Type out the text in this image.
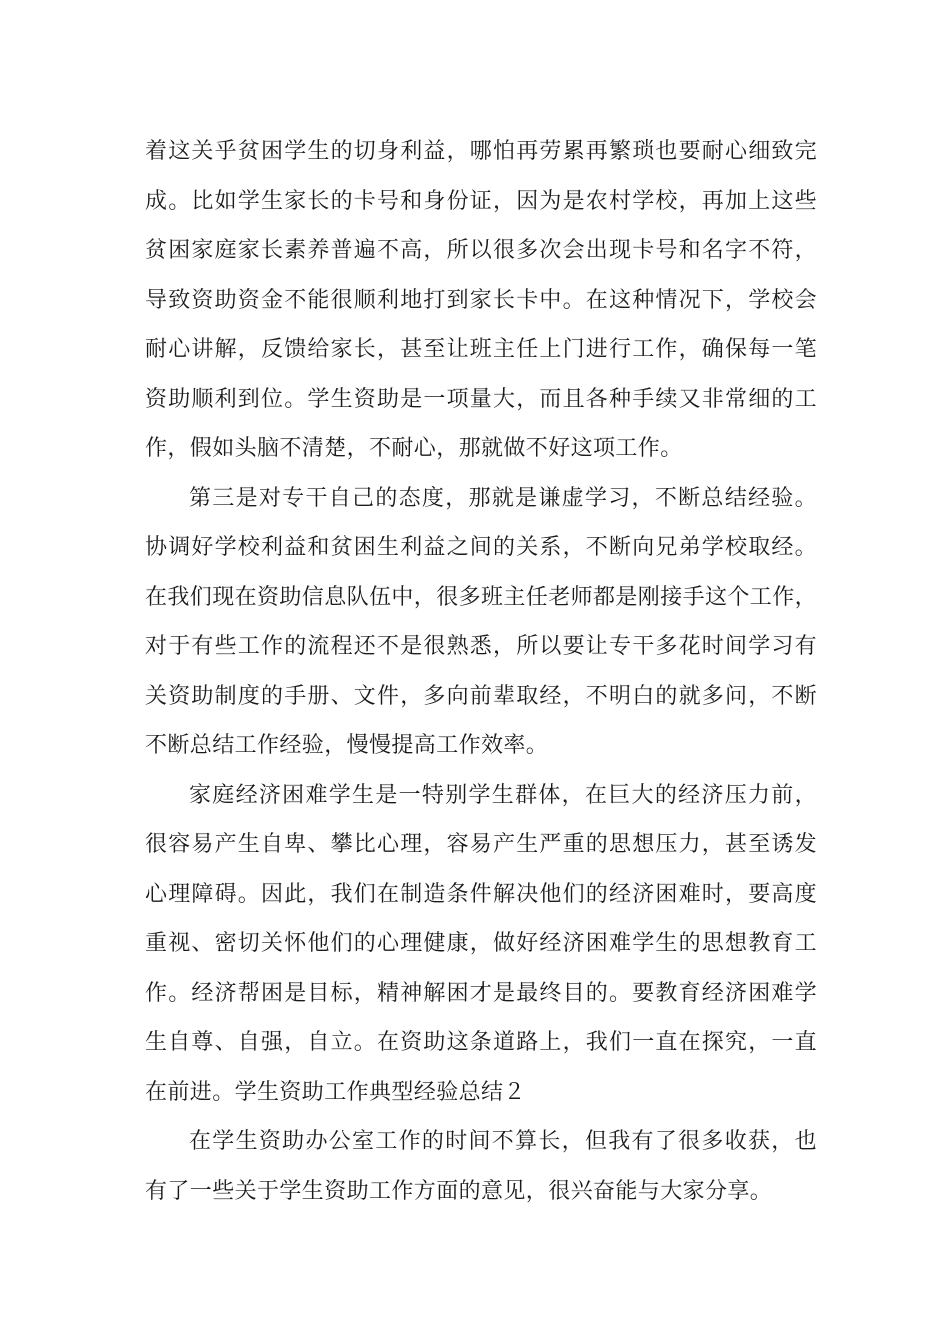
着这关乎贫困学生的切身利益，哪怕再劳累再繁琐也要耐心细致完
成。比如学生家长的卡号和身份证，因为是农村学校，再加上这些
贫困家庭家长素养普遍不高，所以很多次会出现卡号和名字不符，
导致资助资金不能很顺利地打到家长卡中。在这种情况下，学校会
耐心讲解，反馈给家长，甚至让班主任上门进行工作，确保每一笔
资助顺利到位。学生资助是一项量大，而且各种手续又非常细的工
作，假如头脑不清楚，不耐心，那就做不好这项工作。

第三是对专干自己的态度，那就是谦虚学习，不断总结经验。
协调好学校利益和贫困生利益之间的关系，不断向兄弟学校取经。
在我们现在资助信息队伍中，很多班主任老师都是刚接手这个工作，
对于有些工作的流程还不是很熟悉，所以要让专干多花时间学习有
关资助制度的手册、文件，多向前辈取经，不明白的就多问，不断
不断总结工作经验，慢慢提高工作效率。

家庭经济困难学生是一特别学生群体，在巨大的经济压力前，
很容易产生自卑、攀比心理，容易产生严重的思想压力，甚至诱发
心理障碍。因此，我们在制造条件解决他们的经济困难时，要高度
重视、密切关怀他们的心理健康，做好经济困难学生的思想教育工
作。经济帮困是目标，精神解困才是最终目的。要教育经济困难学
生自尊、自强，自立。在资助这条道路上，我们一直在探究，一直
在前进。学生资助工作典型经验总结２

在学生资助办公室工作的时间不算长，但我有了很多收获，也
有了一些关于学生资助工作方面的意见，很兴奋能与大家分享。
